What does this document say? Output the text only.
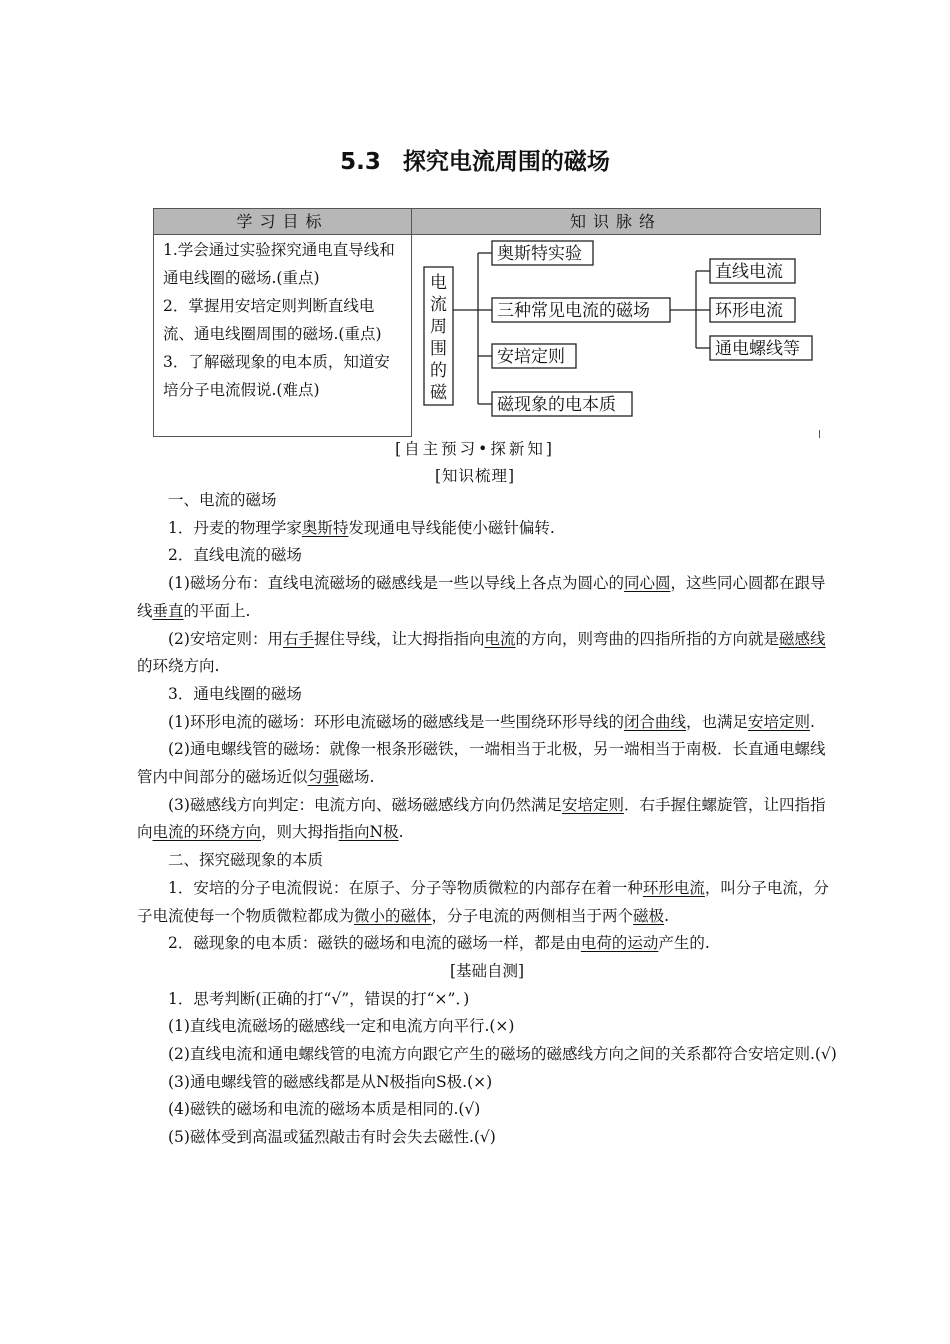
5.3 探究电流周围的磁场
学习目标	知识脉络
1.学会通过实验探究通电直导线和通电线圈的磁场.(重点)
2．掌握用安培定则判断直线电流、通电线圈周围的磁场.(重点)
3．了解磁现象的电本质，知道安培分子电流假说.(难点)
电
流
周
围
的
磁
奥斯特实验
三种常见电流的磁场
安培定则
磁现象的电本质
直线电流
环形电流
通电螺线等
[自主预习•探新知]
[知识梳理]

一、电流的磁场

1．丹麦的物理学家奥斯特发现通电导线能使小磁针偏转.

2．直线电流的磁场

(1)磁场分布：直线电流磁场的磁感线是一些以导线上各点为圆心的同心圆，这些同心圆都在跟导线垂直的平面上.

(2)安培定则：用右手握住导线，让大拇指指向电流的方向，则弯曲的四指所指的方向就是磁感线的环绕方向.

3．通电线圈的磁场

(1)环形电流的磁场：环形电流磁场的磁感线是一些围绕环形导线的闭合曲线，也满足安培定则.

(2)通电螺线管的磁场：就像一根条形磁铁，一端相当于北极，另一端相当于南极．长直通电螺线管内中间部分的磁场近似匀强磁场.

(3)磁感线方向判定：电流方向、磁场磁感线方向仍然满足安培定则．右手握住螺旋管，让四指指向电流的环绕方向，则大拇指指向N极.

二、探究磁现象的本质

1．安培的分子电流假说：在原子、分子等物质微粒的内部存在着一种环形电流，叫分子电流，分子电流使每一个物质微粒都成为微小的磁体，分子电流的两侧相当于两个磁极.

2．磁现象的电本质：磁铁的磁场和电流的磁场一样，都是由电荷的运动产生的.

[基础自测]

1．思考判断(正确的打“√”，错误的打“×”．)

(1)直线电流磁场的磁感线一定和电流方向平行.(×)

(2)直线电流和通电螺线管的电流方向跟它产生的磁场的磁感线方向之间的关系都符合安培定则.(√)

(3)通电螺线管的磁感线都是从N极指向S极.(×)

(4)磁铁的磁场和电流的磁场本质是相同的.(√)

(5)磁体受到高温或猛烈敲击有时会失去磁性.(√)
